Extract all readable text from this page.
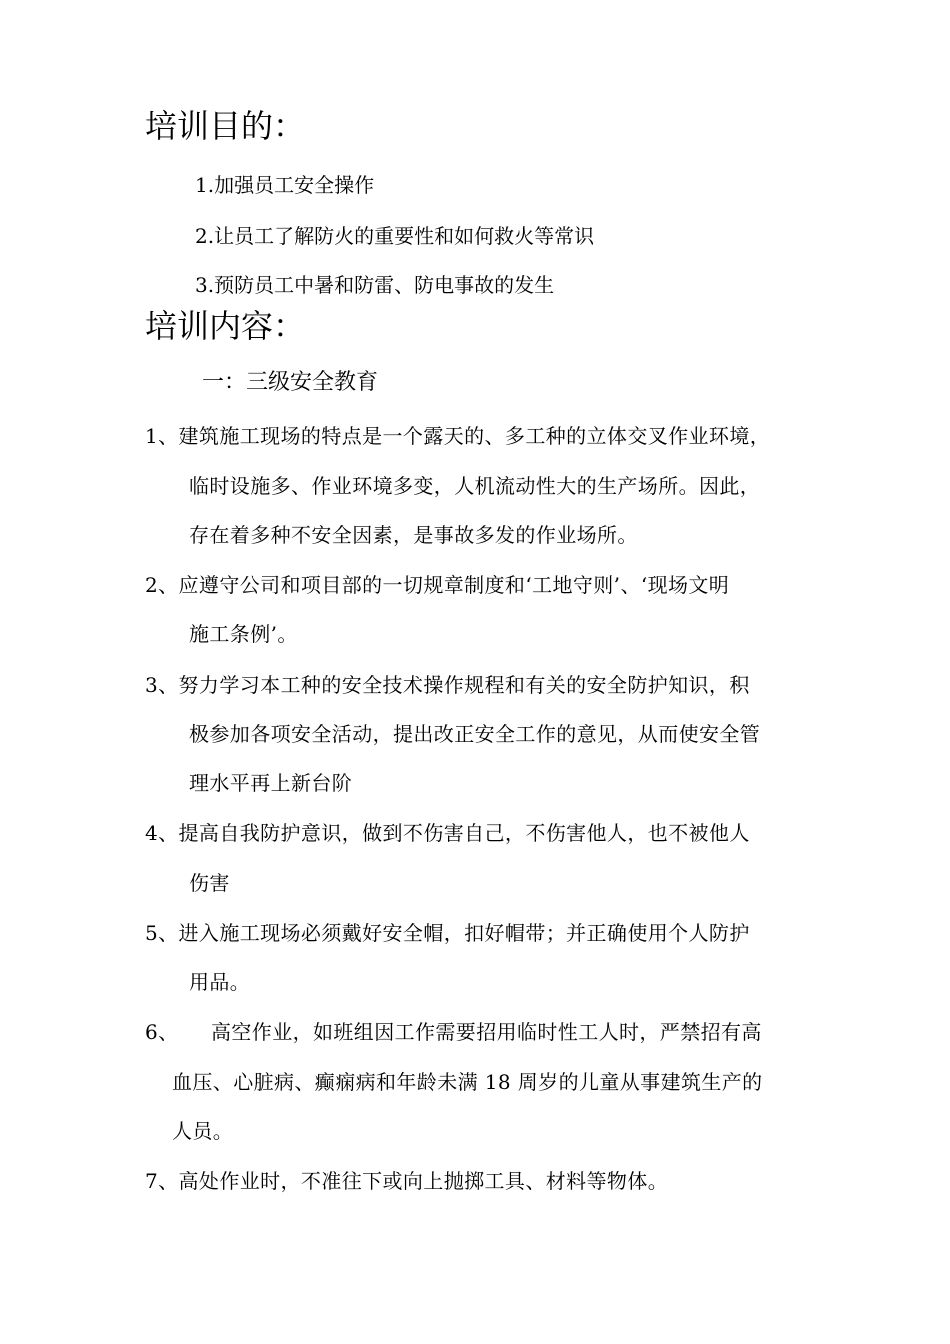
培训目的：
1.加强员工安全操作
2.让员工了解防火的重要性和如何救火等常识
3.预防员工中暑和防雷、防电事故的发生
培训内容：
一：三级安全教育
1、建筑施工现场的特点是一个露天的、多工种的立体交叉作业环境，
临时设施多、作业环境多变，人机流动性大的生产场所。因此，
存在着多种不安全因素，是事故多发的作业场所。
2、应遵守公司和项目部的一切规章制度和‘工地守则’、‘现场文明
施工条例’。
3、努力学习本工种的安全技术操作规程和有关的安全防护知识，积
极参加各项安全活动，提出改正安全工作的意见，从而使安全管
理水平再上新台阶
4、提高自我防护意识，做到不伤害自己，不伤害他人，也不被他人
伤害
5、进入施工现场必须戴好安全帽，扣好帽带；并正确使用个人防护
用品。
6、 高空作业，如班组因工作需要招用临时性工人时，严禁招有高
血压、心脏病、癫痫病和年龄未满 18 周岁的儿童从事建筑生产的
人员。
7、高处作业时，不准往下或向上抛掷工具、材料等物体。
